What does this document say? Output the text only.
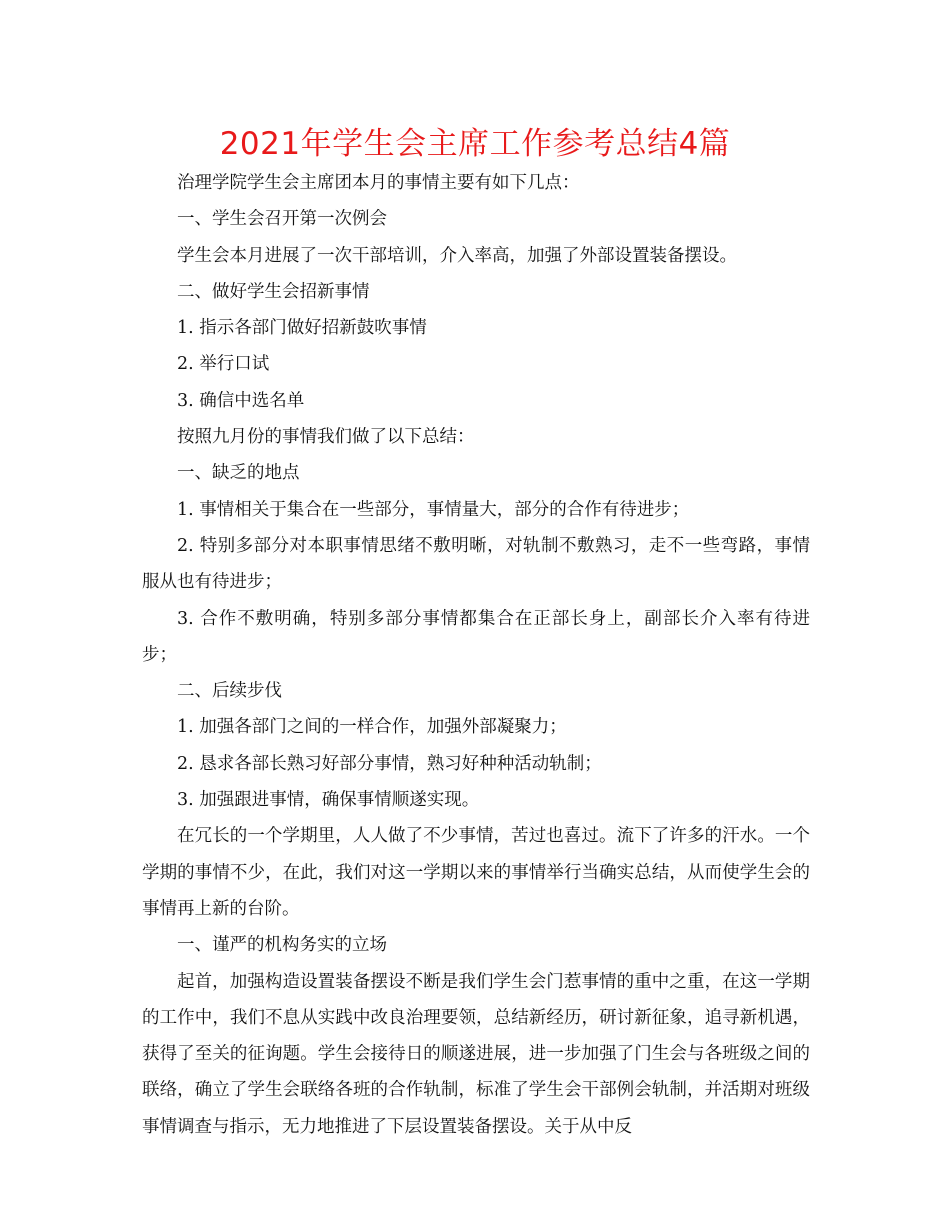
2021年学生会主席工作参考总结4篇

治理学院学生会主席团本月的事情主要有如下几点：

一、学生会召开第一次例会

学生会本月进展了一次干部培训，介入率高，加强了外部设置装备摆设。

二、做好学生会招新事情

1. 指示各部门做好招新鼓吹事情

2. 举行口试

3. 确信中选名单

按照九月份的事情我们做了以下总结：

一、缺乏的地点

1. 事情相关于集合在一些部分，事情量大，部分的合作有待进步；

2. 特别多部分对本职事情思绪不敷明晰，对轨制不敷熟习，走不一些弯路，事情服从也有待进步；

3. 合作不敷明确，特别多部分事情都集合在正部长身上，副部长介入率有待进步；

二、后续步伐

1. 加强各部门之间的一样合作，加强外部凝聚力；

2. 恳求各部长熟习好部分事情，熟习好种种活动轨制；

3. 加强跟进事情，确保事情顺遂实现。

在冗长的一个学期里，人人做了不少事情，苦过也喜过。流下了许多的汗水。一个学期的事情不少，在此，我们对这一学期以来的事情举行当确实总结，从而使学生会的事情再上新的台阶。

一、谨严的机构务实的立场

起首，加强构造设置装备摆设不断是我们学生会门惹事情的重中之重，在这一学期的工作中，我们不息从实践中改良治理要领，总结新经历，研讨新征象，追寻新机遇，获得了至关的征询题。学生会接待日的顺遂进展，进一步加强了门生会与各班级之间的联络，确立了学生会联络各班的合作轨制，标准了学生会干部例会轨制，并活期对班级事情调查与指示，无力地推进了下层设置装备摆设。关于从中反
